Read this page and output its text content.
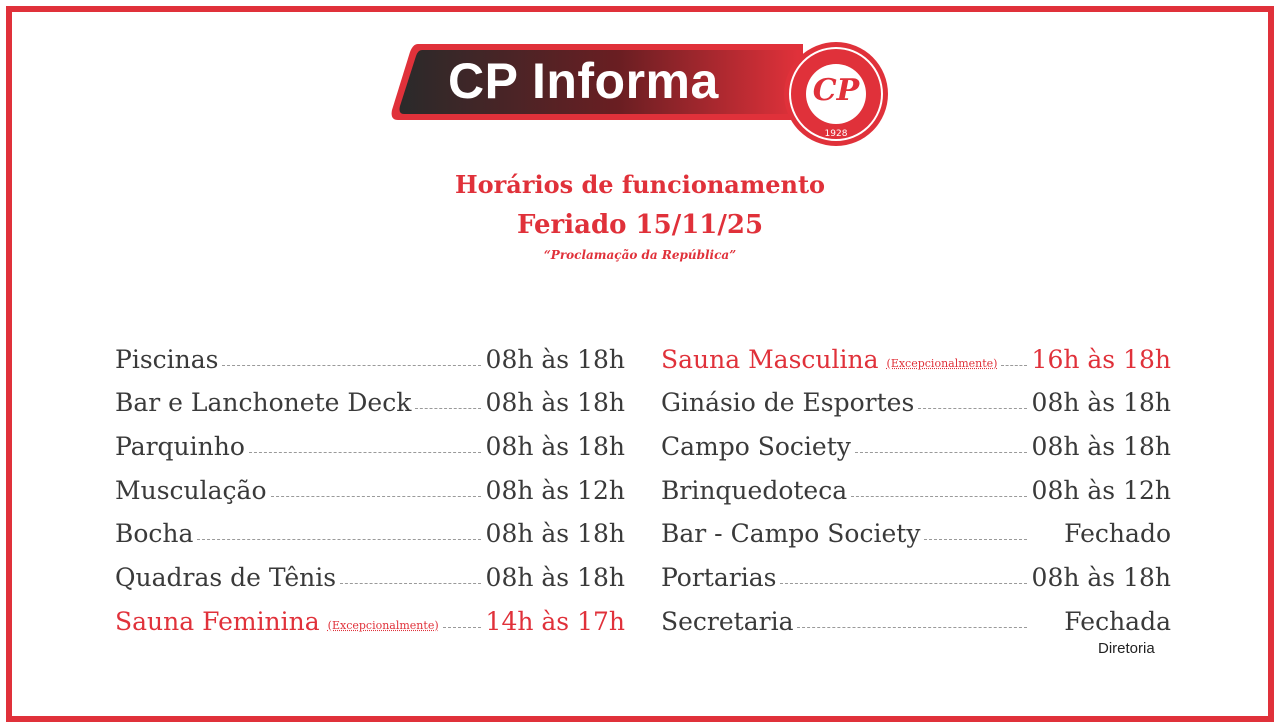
CP Informa	CP
1928
Horários de funcionamento
Feriado 15/11/25
“Proclamação da República”
Piscinas	08h às 18h
Bar e Lanchonete Deck	08h às 18h
Parquinho	08h às 18h
Musculação	08h às 12h
Bocha	08h às 18h
Quadras de Tênis	08h às 18h
Sauna Feminina (Excepcionalmente) 14h às 17h
Sauna Masculina (Excepcionalmente) 16h às 18h
Ginásio de Esportes	08h às 18h
Campo Society	08h às 18h
Brinquedoteca	08h às 12h
Bar - Campo Society	Fechado
Portarias	08h às 18h
Secretaria	Fechada
Diretoria
